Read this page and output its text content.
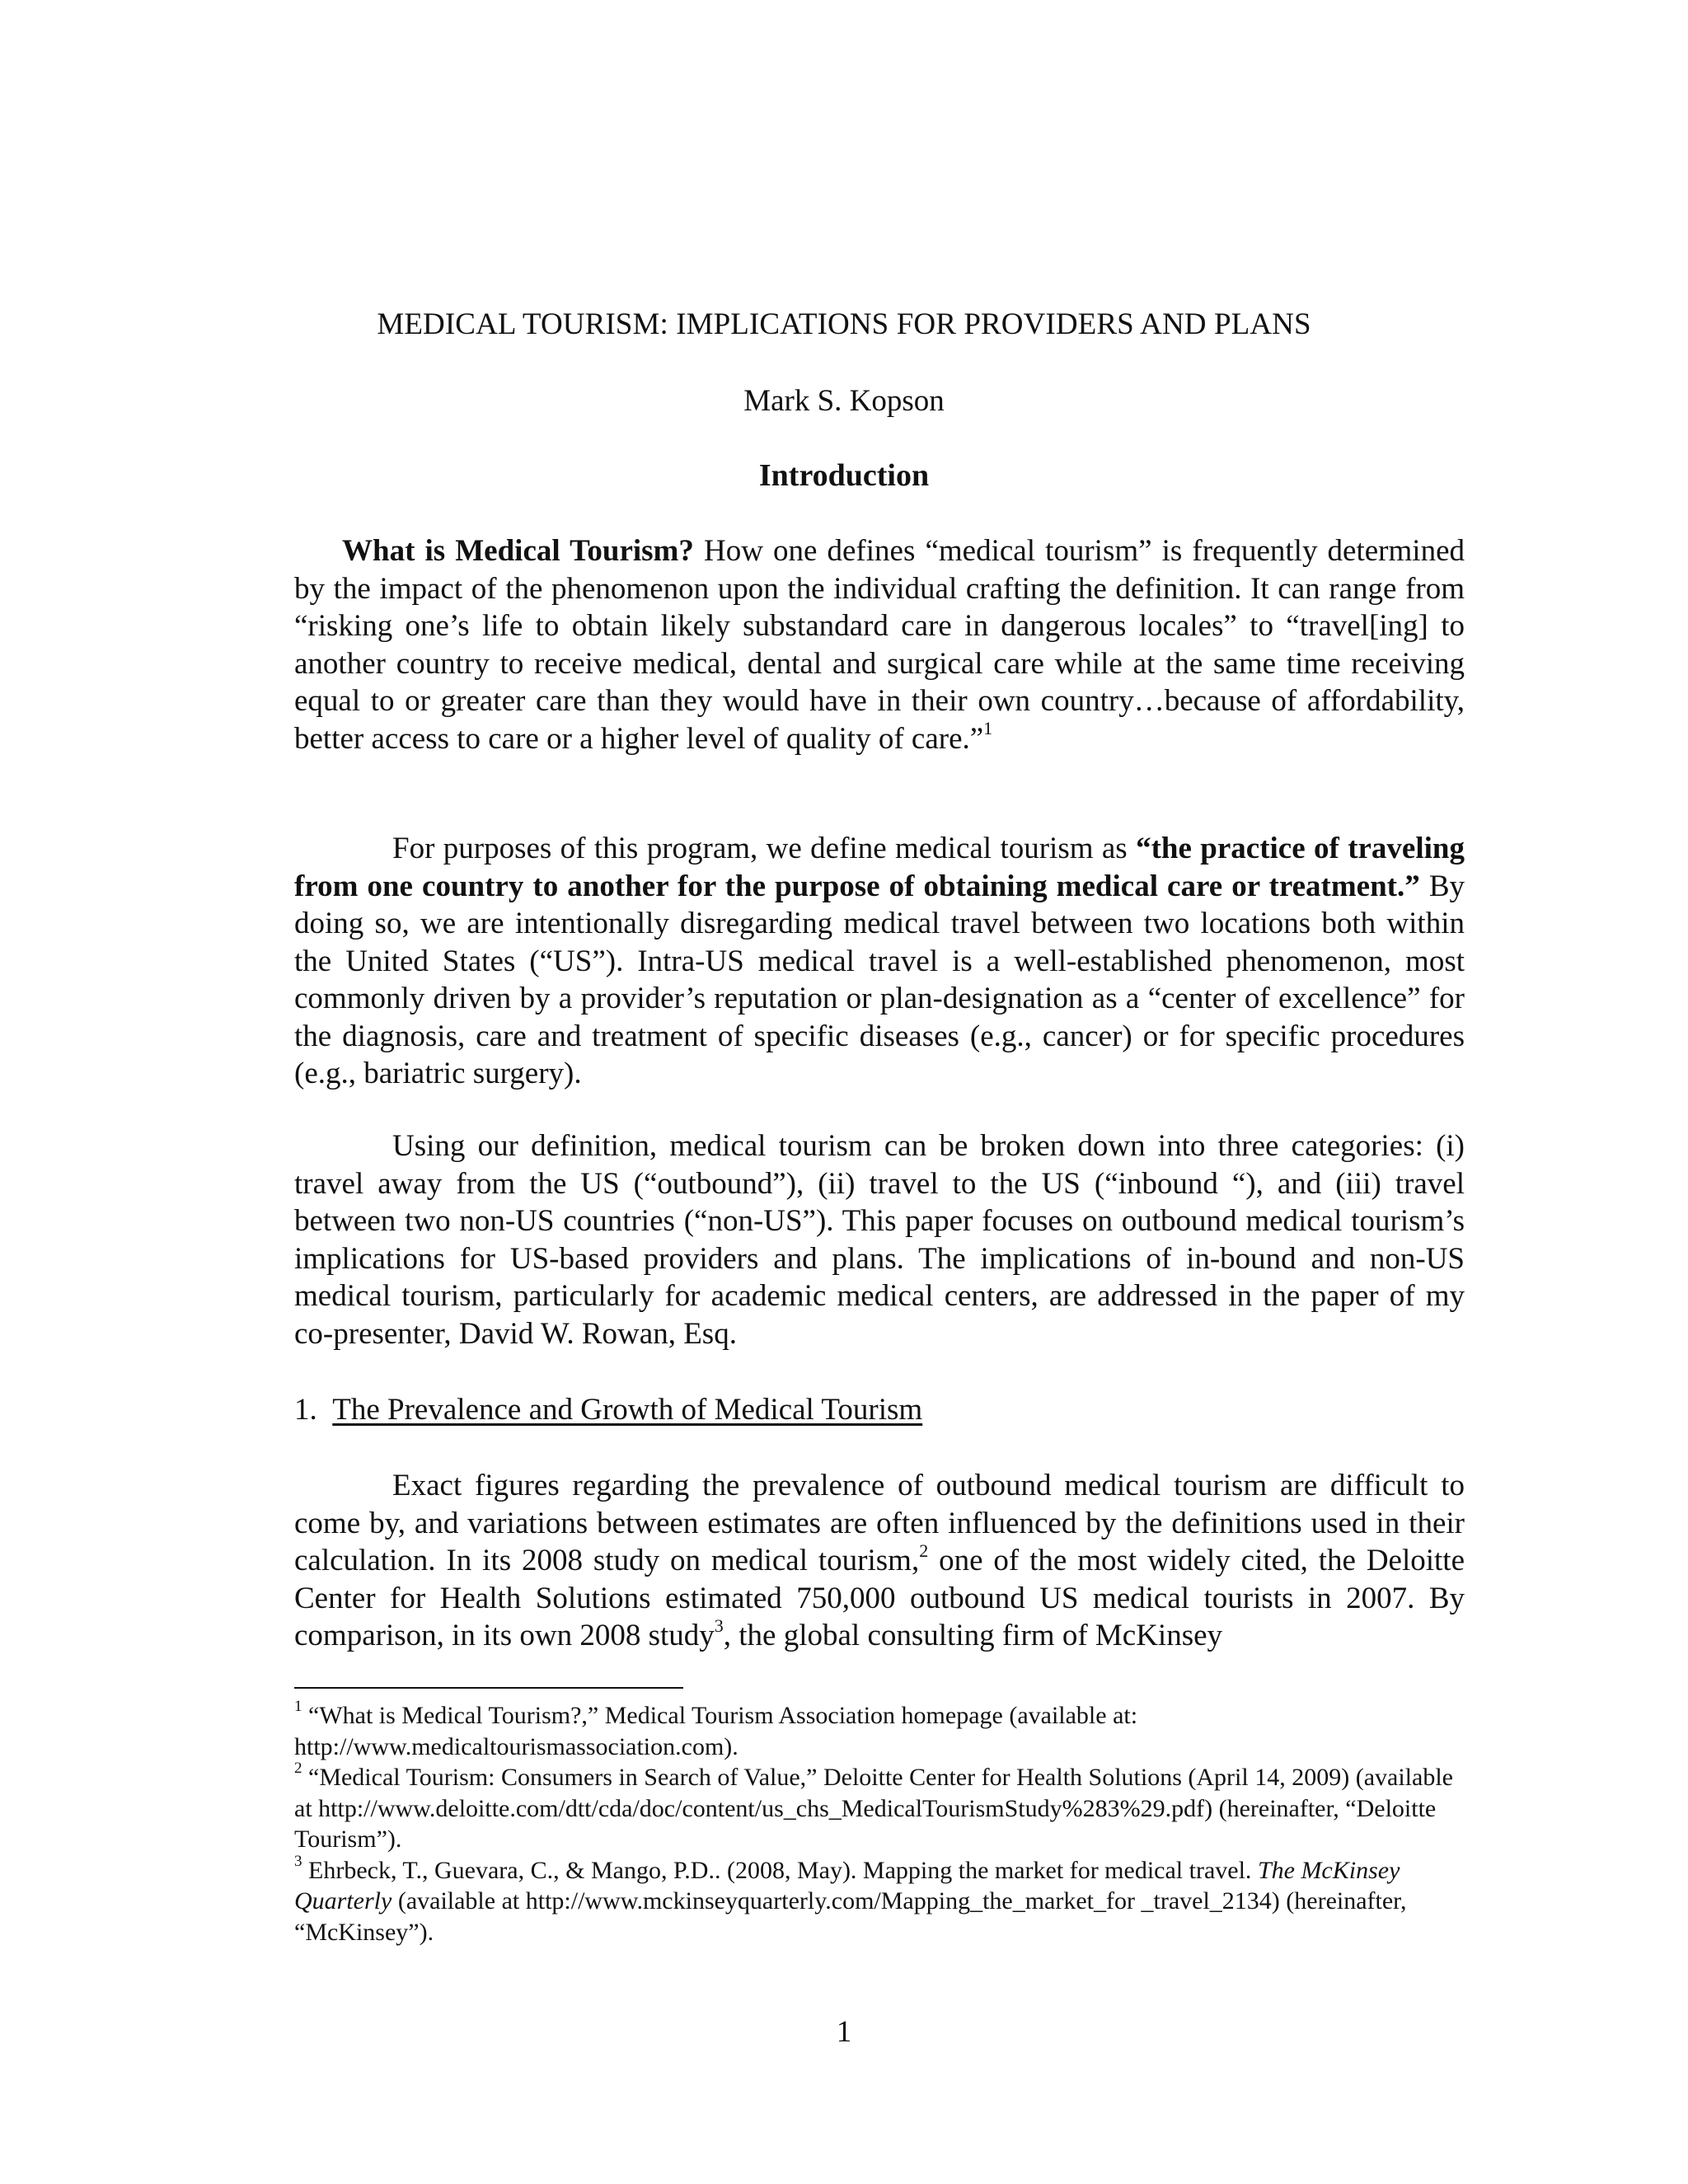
MEDICAL TOURISM: IMPLICATIONS FOR PROVIDERS AND PLANS
Mark S. Kopson
Introduction
What is Medical Tourism? How one defines “medical tourism” is frequently determined by the impact of the phenomenon upon the individual crafting the definition. It can range from “risking one’s life to obtain likely substandard care in dangerous locales” to “travel[ing] to another country to receive medical, dental and surgical care while at the same time receiving equal to or greater care than they would have in their own country…because of affordability, better access to care or a higher level of quality of care.”$^1$
For purposes of this program, we define medical tourism as “the practice of traveling from one country to another for the purpose of obtaining medical care or treatment.” By doing so, we are intentionally disregarding medical travel between two locations both within the United States (“US”). Intra-US medical travel is a well-established phenomenon, most commonly driven by a provider’s reputation or plan-designation as a “center of excellence” for the diagnosis, care and treatment of specific diseases (e.g., cancer) or for specific procedures (e.g., bariatric surgery).
Using our definition, medical tourism can be broken down into three categories: (i) travel away from the US (“outbound”), (ii) travel to the US (“inbound “), and (iii) travel between two non-US countries (“non-US”). This paper focuses on outbound medical tourism’s implications for US-based providers and plans. The implications of in-bound and non-US medical tourism, particularly for academic medical centers, are addressed in the paper of my co-presenter, David W. Rowan, Esq.
1. The Prevalence and Growth of Medical Tourism
Exact figures regarding the prevalence of outbound medical tourism are difficult to come by, and variations between estimates are often influenced by the definitions used in their calculation. In its 2008 study on medical tourism,$^2$ one of the most widely cited, the Deloitte Center for Health Solutions estimated 750,000 outbound US medical tourists in 2007. By comparison, in its own 2008 study$^3$, the global consulting firm of McKinsey
$^1$ “What is Medical Tourism?,” Medical Tourism Association homepage (available at: http://www.medicaltourismassociation.com).
$^2$ “Medical Tourism: Consumers in Search of Value,” Deloitte Center for Health Solutions (April 14, 2009) (available at http://www.deloitte.com/dtt/cda/doc/content/us_chs_MedicalTourismStudy%283%29.pdf) (hereinafter, “Deloitte Tourism”).
$^3$ Ehrbeck, T., Guevara, C., & Mango, P.D.. (2008, May). Mapping the market for medical travel. The McKinsey Quarterly (available at http://www.mckinseyquarterly.com/Mapping_the_market_for _travel_2134) (hereinafter, “McKinsey”).
1
